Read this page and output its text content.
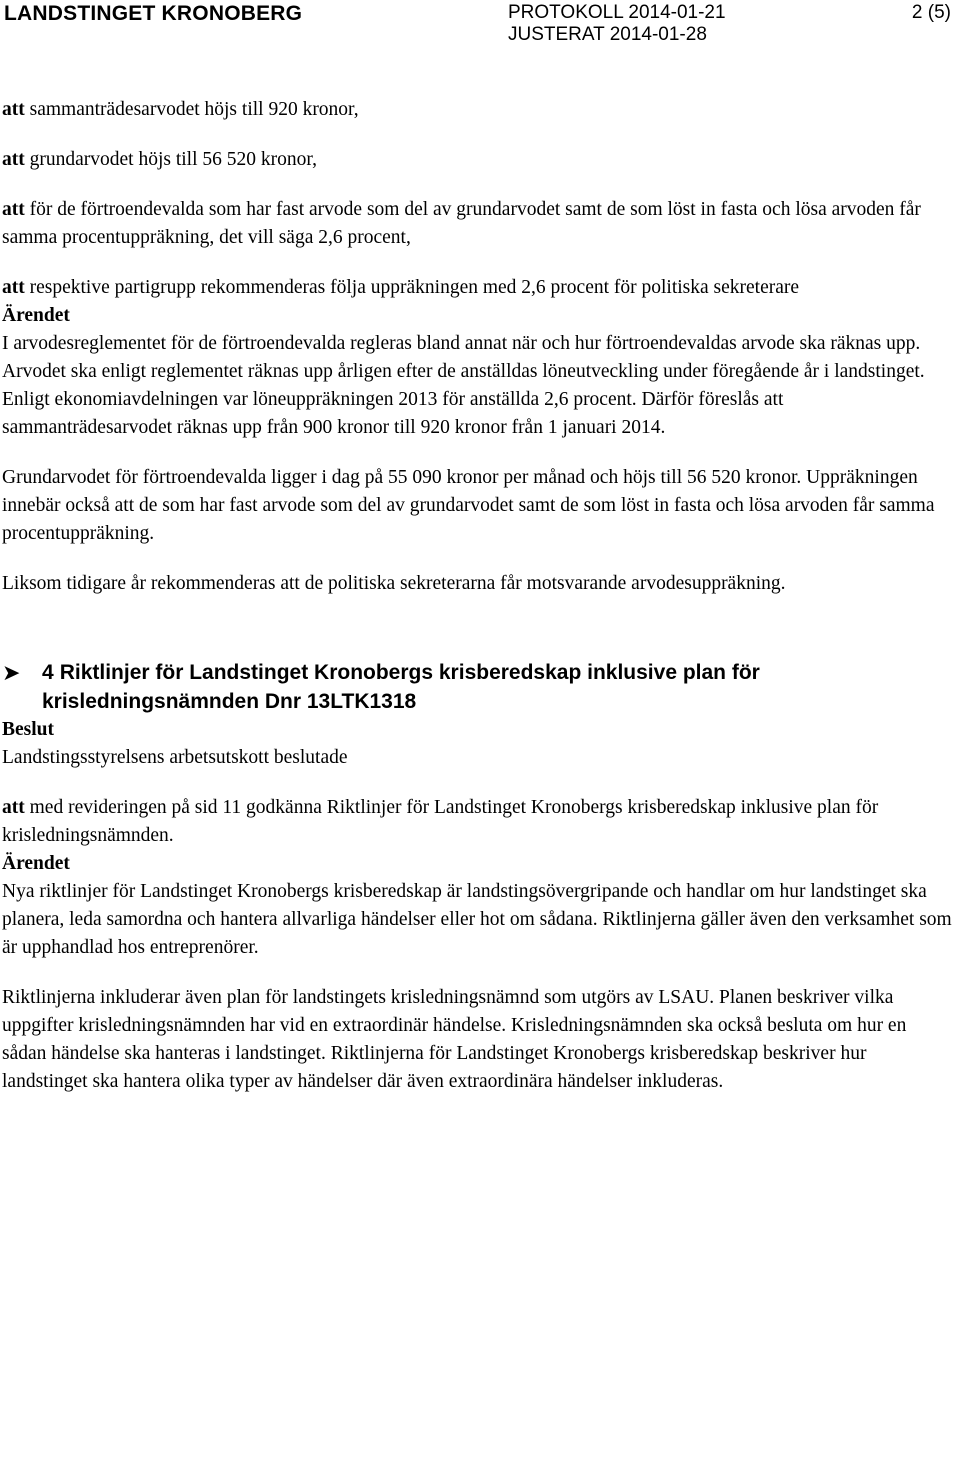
LANDSTINGET KRONOBERG	PROTOKOLL 2014-01-21
JUSTERAT 2014-01-28
2 (5)

att sammanträdesarvodet höjs till 920 kronor,

att grundarvodet höjs till 56 520 kronor,

att för de förtroendevalda som har fast arvode som del av grundarvodet samt de som löst in fasta och lösa arvoden får samma procentuppräkning, det vill säga 2,6 procent,

att respektive partigrupp rekommenderas följa uppräkningen med 2,6 procent för politiska sekreterare

Ärendet

I arvodesreglementet för de förtroendevalda regleras bland annat när och hur förtroendevaldas arvode ska räknas upp. Arvodet ska enligt reglementet räknas upp årligen efter de anställdas löneutveckling under föregående år i landstinget.

Enligt ekonomiavdelningen var löneuppräkningen 2013 för anställda 2,6 procent. Därför föreslås att sammanträdesarvodet räknas upp från 900 kronor till 920 kronor från 1 januari 2014.

Grundarvodet för förtroendevalda ligger i dag på 55 090 kronor per månad och höjs till 56 520 kronor. Uppräkningen innebär också att de som har fast arvode som del av grundarvodet samt de som löst in fasta och lösa arvoden får samma procentuppräkning.

Liksom tidigare år rekommenderas att de politiska sekreterarna får motsvarande arvodesuppräkning.

➤ 4 Riktlinjer för Landstinget Kronobergs krisberedskap inklusive plan för krisledningsnämnden Dnr 13LTK1318

Beslut

Landstingsstyrelsens arbetsutskott beslutade

att med revideringen på sid 11 godkänna Riktlinjer för Landstinget Kronobergs krisberedskap inklusive plan för krisledningsnämnden.

Ärendet

Nya riktlinjer för Landstinget Kronobergs krisberedskap är landstingsövergripande och handlar om hur landstinget ska planera, leda samordna och hantera allvarliga händelser eller hot om sådana. Riktlinjerna gäller även den verksamhet som är upphandlad hos entreprenörer.

Riktlinjerna inkluderar även plan för landstingets krisledningsnämnd som utgörs av LSAU. Planen beskriver vilka uppgifter krisledningsnämnden har vid en extraordinär händelse. Krisledningsnämnden ska också besluta om hur en sådan händelse ska hanteras i landstinget. Riktlinjerna för Landstinget Kronobergs krisberedskap beskriver hur landstinget ska hantera olika typer av händelser där även extraordinära händelser inkluderas.
